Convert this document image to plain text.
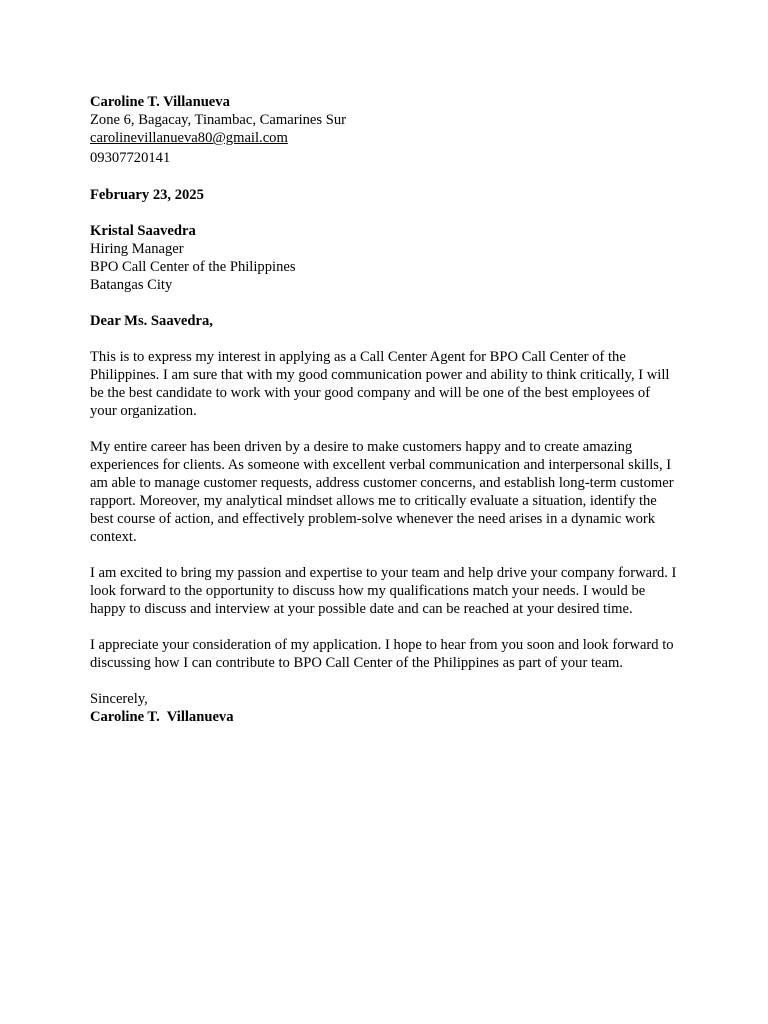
Caroline T. Villanueva
Zone 6, Bagacay, Tinambac, Camarines Sur
carolinevillanueva80@gmail.com
09307720141
February 23, 2025
Kristal Saavedra
Hiring Manager
BPO Call Center of the Philippines
Batangas City
Dear Ms. Saavedra,
This is to express my interest in applying as a Call Center Agent for BPO Call Center of the Philippines. I am sure that with my good communication power and ability to think critically, I will be the best candidate to work with your good company and will be one of the best employees of your organization.
My entire career has been driven by a desire to make customers happy and to create amazing experiences for clients. As someone with excellent verbal communication and interpersonal skills, I am able to manage customer requests, address customer concerns, and establish long-term customer rapport. Moreover, my analytical mindset allows me to critically evaluate a situation, identify the best course of action, and effectively problem-solve whenever the need arises in a dynamic work context.
I am excited to bring my passion and expertise to your team and help drive your company forward. I look forward to the opportunity to discuss how my qualifications match your needs. I would be happy to discuss and interview at your possible date and can be reached at your desired time.
I appreciate your consideration of my application. I hope to hear from you soon and look forward to discussing how I can contribute to BPO Call Center of the Philippines as part of your team.
Sincerely,
Caroline T.  Villanueva
